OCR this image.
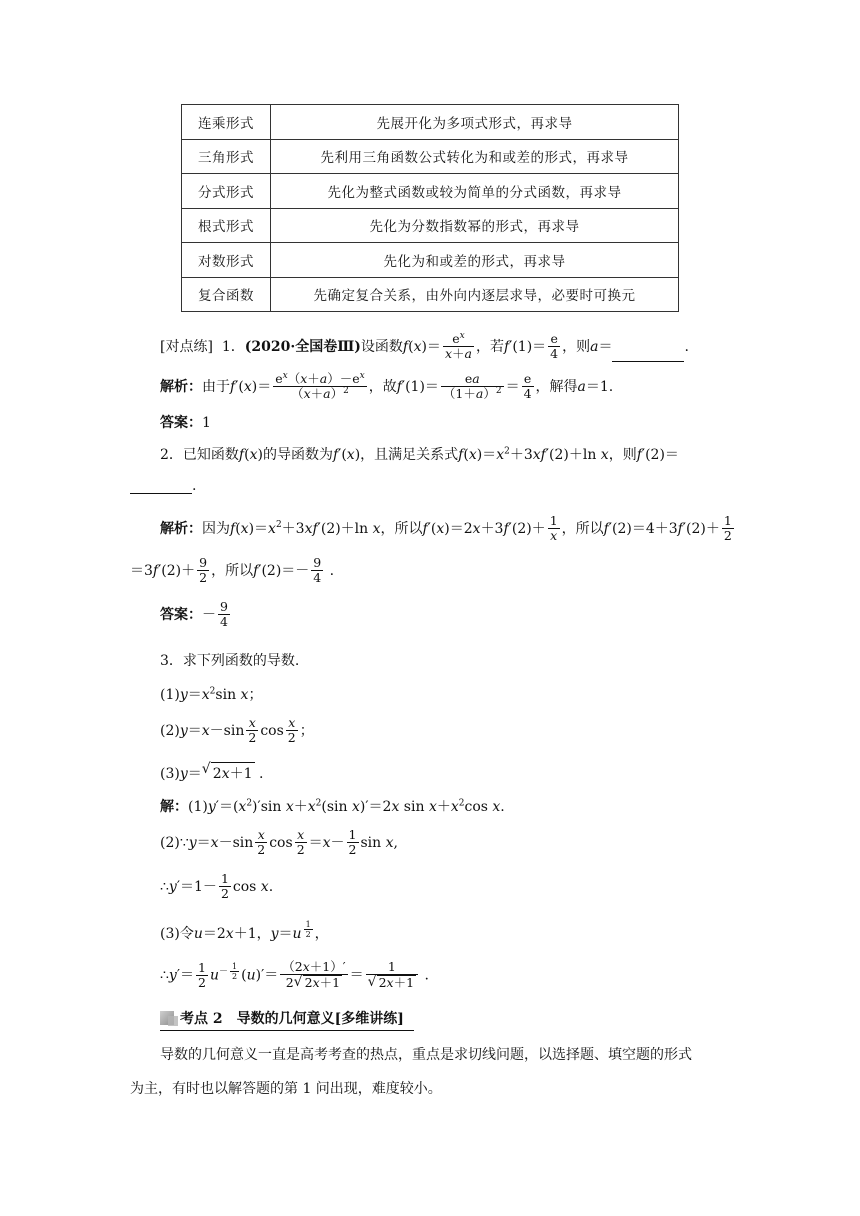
连乘形式	先展开化为多项式形式，再求导
三角形式	先利用三角函数公式转化为和或差的形式，再求导
分式形式	先化为整式函数或较为简单的分式函数，再求导
根式形式	先化为分数指数幂的形式，再求导
对数形式	先化为和或差的形式，再求导
复合函数	先确定复合关系，由外向内逐层求导，必要时可换元
[对点练] 1．(2020·全国卷Ⅲ)设函数$f(x)= \frac{e^x}{x+a}$ ，若$f'(1)= \frac{e}{4}$ ，则a＝	.
解析：由于$f'(x)= \frac{e^x(x+a)-e^x}{(x+a)^2}$ ，故$f'(1)= \frac{ea}{(1+a)^2} = \frac{e}{4}$ ，解得a＝1.
答案：1
2．已知函数f(x)的导函数为f′(x)，且满足关系式$f(x)=x^2+3xf'(2)+\ln$ x，则f′(2)＝
.
解析：因为$f(x)=x^2+3xf'(2)+\ln$ x，所以$f'(x)=2x+3f'(2)+ \frac{1}{x}$ ，所以$f'(2)=4+3f'(2)+ \frac{1}{2}$
$=3f'(2)+ \frac{9}{2}$ ，所以$f'(2)=- \frac{9}{4}$ .
答案：－ $\frac{9}{4}$
3．求下列函数的导数.
$(1)y=x^2\sin$ x；
$(2)y=x-\sin \frac{x}{2}$ $\cos \frac{x}{2}$ ；
(3)y＝ √ 2x＋1 .
解：$(1)y'=(x^2)'\sin$ $x+x^2(\sin$ x)′＝2x $\sin x+x^2\cos$ x.
(2)∵y＝x－sin $\frac{x}{2}$ $\cos \frac{x}{2} =x- \frac{1}{2}$ sin x,
∴y′＝1－ $\frac{1}{2}$ cos x.
(3)令u＝2x＋1，y＝u $^{\frac{1}{2}}$ ，
∴y′＝ $\frac{1}{2} u^{- \frac{1}{2}}$ $(u)'= \frac{(2x+1)'}{2 √ 2x+1} = \frac{1}{√ 2x+1}$ .
考点 2　导数的几何意义[多维讲练]
导数的几何意义一直是高考考查的热点，重点是求切线问题，以选择题、填空题的形式
为主，有时也以解答题的第 1 问出现，难度较小。
